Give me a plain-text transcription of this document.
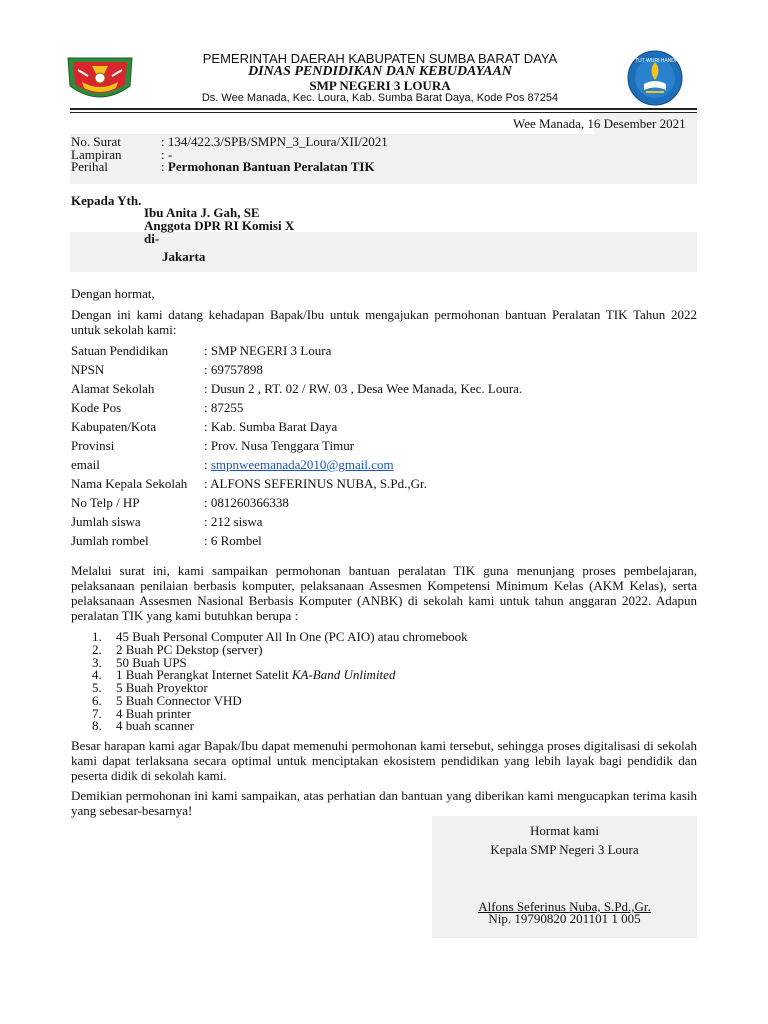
TUT WURI HANDAYANI
PEMERINTAH DAERAH KABUPATEN SUMBA BARAT DAYA
DINAS PENDIDIKAN DAN KEBUDAYAAN
SMP NEGERI 3 LOURA
Ds. Wee Manada, Kec. Loura, Kab. Sumba Barat Daya, Kode Pos 87254
Wee Manada, 16 Desember 2021
No. Surat	: 134/422.3/SPB/SMPN_3_Loura/XII/2021
Lampiran	: -
Perihal	: Permohonan Bantuan Peralatan TIK
Kepada Yth.
Ibu Anita J. Gah, SE
Anggota DPR RI Komisi X
di-
Jakarta
Dengan hormat,
Dengan ini kami datang kehadapan Bapak/Ibu untuk mengajukan permohonan bantuan Peralatan TIK Tahun 2022 untuk sekolah kami:
Satuan Pendidikan	: SMP NEGERI 3 Loura
NPSN	: 69757898
Alamat Sekolah	: Dusun 2 , RT. 02 / RW. 03 , Desa Wee Manada, Kec. Loura.
Kode Pos	: 87255
Kabupaten/Kota	: Kab. Sumba Barat Daya
Provinsi	: Prov. Nusa Tenggara Timur
email	: smpnweemanada2010@gmail.com
Nama Kepala Sekolah : ALFONS SEFERINUS NUBA, S.Pd.,Gr.
No Telp / HP	: 081260366338
Jumlah siswa	: 212 siswa
Jumlah rombel	: 6 Rombel
Melalui surat ini, kami sampaikan permohonan bantuan peralatan TIK guna menunjang proses pembelajaran, pelaksanaan penilaian berbasis komputer, pelaksanaan Assesmen Kompetensi Minimum Kelas (AKM Kelas), serta pelaksanaan Assesmen Nasional Berbasis Komputer (ANBK) di sekolah kami untuk tahun anggaran 2022. Adapun peralatan TIK yang kami butuhkan berupa :
1. 45 Buah Personal Computer All In One (PC AIO) atau chromebook
2. 2 Buah PC Dekstop (server)
3. 50 Buah UPS
4. 1 Buah Perangkat Internet Satelit KA-Band Unlimited
5. 5 Buah Proyektor
6. 5 Buah Connector VHD
7. 4 Buah printer
8. 4 buah scanner
Besar harapan kami agar Bapak/Ibu dapat memenuhi permohonan kami tersebut, sehingga proses digitalisasi di sekolah kami dapat terlaksana secara optimal untuk menciptakan ekosistem pendidikan yang lebih layak bagi pendidik dan peserta didik di sekolah kami.
Demikian permohonan ini kami sampaikan, atas perhatian dan bantuan yang diberikan kami mengucapkan terima kasih yang sebesar-besarnya!
Hormat kami
Kepala SMP Negeri 3 Loura
Alfons Seferinus Nuba, S.Pd.,Gr.
Nip. 19790820 201101 1 005
